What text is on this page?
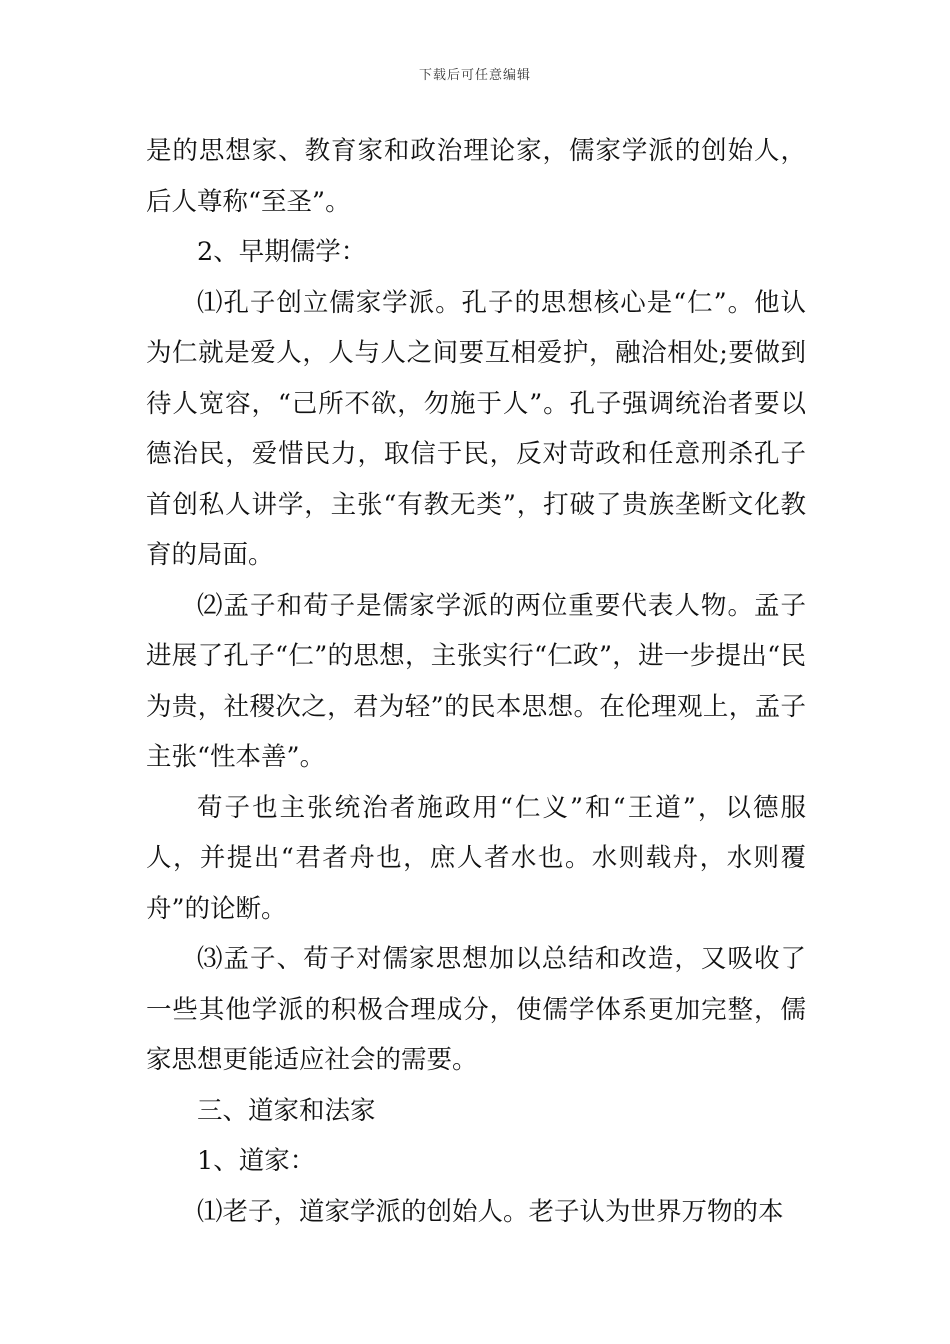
下载后可任意编辑

是的思想家、教育家和政治理论家，儒家学派的创始人，后人尊称“至圣”。

2、早期儒学：

⑴孔子创立儒家学派。孔子的思想核心是“仁”。他认为仁就是爱人，人与人之间要互相爱护，融洽相处;要做到待人宽容，“己所不欲，勿施于人”。孔子强调统治者要以德治民，爱惜民力，取信于民，反对苛政和任意刑杀孔子首创私人讲学，主张“有教无类”，打破了贵族垄断文化教育的局面。

⑵孟子和荀子是儒家学派的两位重要代表人物。孟子进展了孔子“仁”的思想，主张实行“仁政”，进一步提出“民为贵，社稷次之，君为轻”的民本思想。在伦理观上，孟子主张“性本善”。

荀子也主张统治者施政用“仁义”和“王道”，以德服人，并提出“君者舟也，庶人者水也。水则载舟，水则覆舟”的论断。

⑶孟子、荀子对儒家思想加以总结和改造，又吸收了一些其他学派的积极合理成分，使儒学体系更加完整，儒家思想更能适应社会的需要。

三、道家和法家

1、道家：

⑴老子，道家学派的创始人。老子认为世界万物的本
